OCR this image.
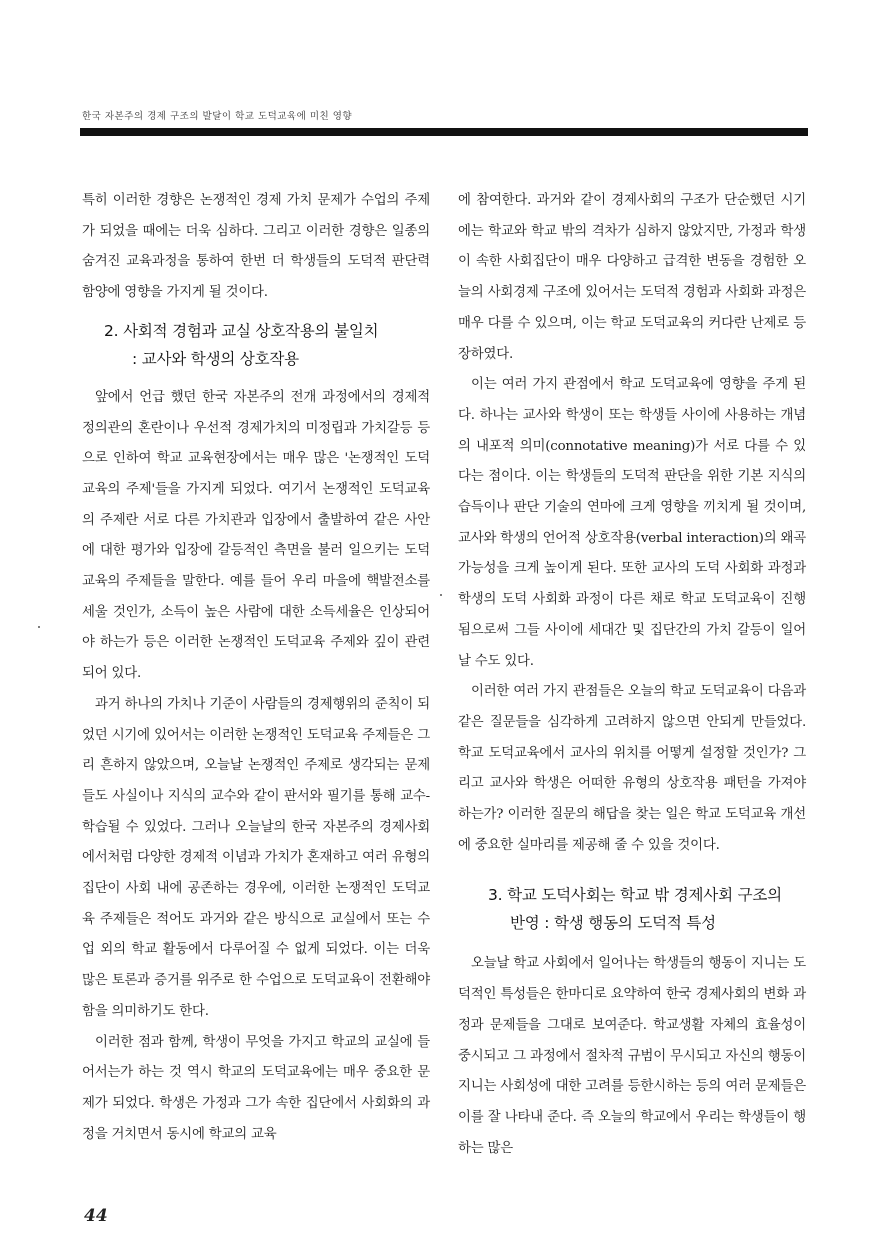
한국 자본주의 경제 구조의 발달이 학교 도덕교육에 미친 영향

특히 이러한 경향은 논쟁적인 경제 가치 문제가 수업의 주제가 되었을 때에는 더욱 심하다. 그리고 이러한 경향은 일종의 숨겨진 교육과정을 통하여 한번 더 학생들의 도덕적 판단력 함양에 영향을 가지게 될 것이다.

2. 사회적 경험과 교실 상호작용의 불일치
: 교사와 학생의 상호작용

앞에서 언급 했던 한국 자본주의 전개 과정에서의 경제적 정의관의 혼란이나 우선적 경제가치의 미정립과 가치갈등 등으로 인하여 학교 교육현장에서는 매우 많은 '논쟁적인 도덕교육의 주제'들을 가지게 되었다. 여기서 논쟁적인 도덕교육의 주제란 서로 다른 가치관과 입장에서 출발하여 같은 사안에 대한 평가와 입장에 갈등적인 측면을 불러 일으키는 도덕교육의 주제들을 말한다. 예를 들어 우리 마을에 핵발전소를 세울 것인가, 소득이 높은 사람에 대한 소득세율은 인상되어야 하는가 등은 이러한 논쟁적인 도덕교육 주제와 깊이 관련되어 있다.

과거 하나의 가치나 기준이 사람들의 경제행위의 준칙이 되었던 시기에 있어서는 이러한 논쟁적인 도덕교육 주제들은 그리 흔하지 않았으며, 오늘날 논쟁적인 주제로 생각되는 문제들도 사실이나 지식의 교수와 같이 판서와 필기를 통해 교수-학습될 수 있었다. 그러나 오늘날의 한국 자본주의 경제사회에서처럼 다양한 경제적 이념과 가치가 혼재하고 여러 유형의 집단이 사회 내에 공존하는 경우에, 이러한 논쟁적인 도덕교육 주제들은 적어도 과거와 같은 방식으로 교실에서 또는 수업 외의 학교 활동에서 다루어질 수 없게 되었다. 이는 더욱 많은 토론과 증거를 위주로 한 수업으로 도덕교육이 전환해야 함을 의미하기도 한다.

이러한 점과 함께, 학생이 무엇을 가지고 학교의 교실에 들어서는가 하는 것 역시 학교의 도덕교육에는 매우 중요한 문제가 되었다. 학생은 가정과 그가 속한 집단에서 사회화의 과정을 거치면서 동시에 학교의 교육

에 참여한다. 과거와 같이 경제사회의 구조가 단순했던 시기에는 학교와 학교 밖의 격차가 심하지 않았지만, 가정과 학생이 속한 사회집단이 매우 다양하고 급격한 변동을 경험한 오늘의 사회경제 구조에 있어서는 도덕적 경험과 사회화 과정은 매우 다를 수 있으며, 이는 학교 도덕교육의 커다란 난제로 등장하였다.

이는 여러 가지 관점에서 학교 도덕교육에 영향을 주게 된다. 하나는 교사와 학생이 또는 학생들 사이에 사용하는 개념의 내포적 의미(connotative meaning)가 서로 다를 수 있다는 점이다. 이는 학생들의 도덕적 판단을 위한 기본 지식의 습득이나 판단 기술의 연마에 크게 영향을 끼치게 될 것이며, 교사와 학생의 언어적 상호작용(verbal interaction)의 왜곡 가능성을 크게 높이게 된다. 또한 교사의 도덕 사회화 과정과 학생의 도덕 사회화 과정이 다른 채로 학교 도덕교육이 진행됨으로써 그들 사이에 세대간 및 집단간의 가치 갈등이 일어날 수도 있다.

이러한 여러 가지 관점들은 오늘의 학교 도덕교육이 다음과 같은 질문들을 심각하게 고려하지 않으면 안되게 만들었다. 학교 도덕교육에서 교사의 위치를 어떻게 설정할 것인가? 그리고 교사와 학생은 어떠한 유형의 상호작용 패턴을 가져야 하는가? 이러한 질문의 해답을 찾는 일은 학교 도덕교육 개선에 중요한 실마리를 제공해 줄 수 있을 것이다.

3. 학교 도덕사회는 학교 밖 경제사회 구조의
반영 : 학생 행동의 도덕적 특성

오늘날 학교 사회에서 일어나는 학생들의 행동이 지니는 도덕적인 특성들은 한마디로 요약하여 한국 경제사회의 변화 과정과 문제들을 그대로 보여준다. 학교생활 자체의 효율성이 중시되고 그 과정에서 절차적 규범이 무시되고 자신의 행동이 지니는 사회성에 대한 고려를 등한시하는 등의 여러 문제들은 이를 잘 나타내 준다. 즉 오늘의 학교에서 우리는 학생들이 행하는 많은

44
